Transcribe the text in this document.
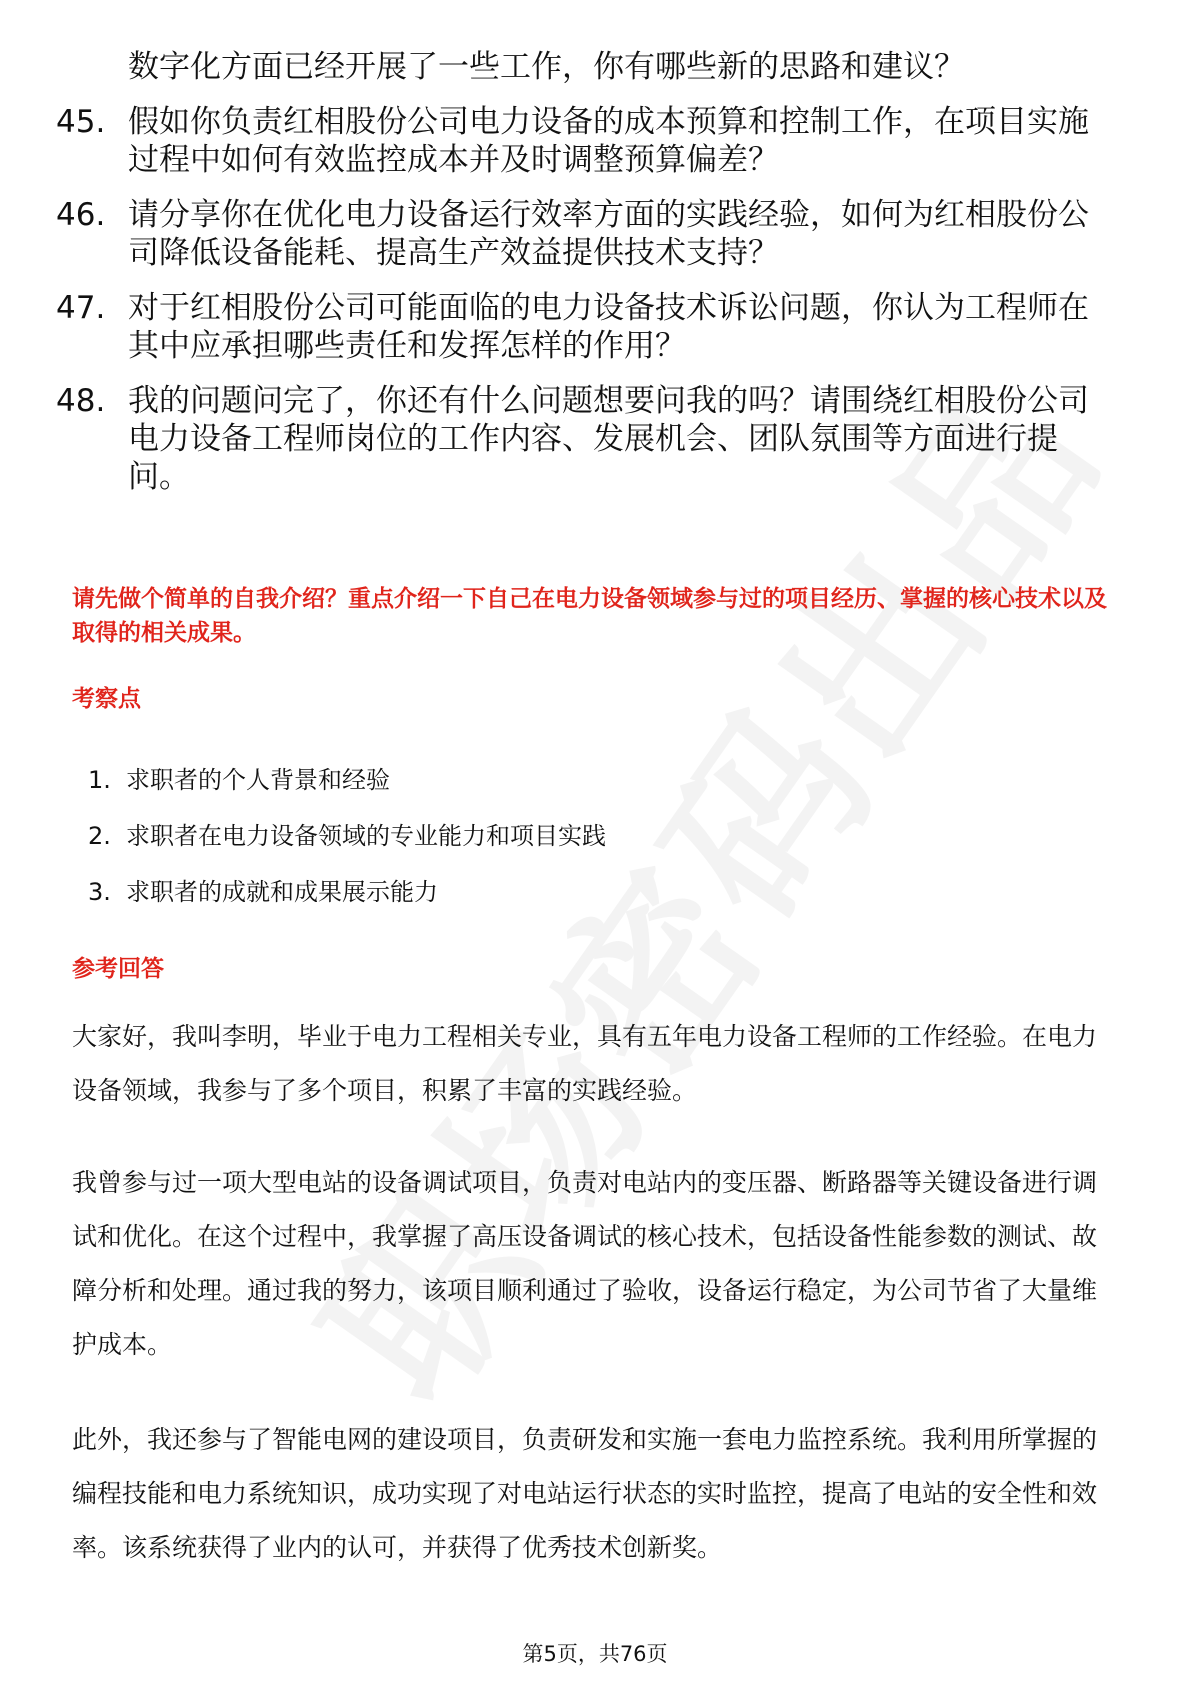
数字化方面已经开展了一些工作，你有哪些新的思路和建议？
45. 假如你负责红相股份公司电力设备的成本预算和控制工作，在项目实施过程中如何有效监控成本并及时调整预算偏差？
46. 请分享你在优化电力设备运行效率方面的实践经验，如何为红相股份公司降低设备能耗、提高生产效益提供技术支持？
47. 对于红相股份公司可能面临的电力设备技术诉讼问题，你认为工程师在其中应承担哪些责任和发挥怎样的作用？
48. 我的问题问完了，你还有什么问题想要问我的吗？请围绕红相股份公司电力设备工程师岗位的工作内容、发展机会、团队氛围等方面进行提问。
请先做个简单的自我介绍？重点介绍一下自己在电力设备领域参与过的项目经历、掌握的核心技术以及取得的相关成果。
考察点
1. 求职者的个人背景和经验
2. 求职者在电力设备领域的专业能力和项目实践
3. 求职者的成就和成果展示能力
参考回答
大家好，我叫李明，毕业于电力工程相关专业，具有五年电力设备工程师的工作经验。在电力设备领域，我参与了多个项目，积累了丰富的实践经验。
我曾参与过一项大型电站的设备调试项目，负责对电站内的变压器、断路器等关键设备进行调试和优化。在这个过程中，我掌握了高压设备调试的核心技术，包括设备性能参数的测试、故障分析和处理。通过我的努力，该项目顺利通过了验收，设备运行稳定，为公司节省了大量维护成本。
此外，我还参与了智能电网的建设项目，负责研发和实施一套电力监控系统。我利用所掌握的编程技能和电力系统知识，成功实现了对电站运行状态的实时监控，提高了电站的安全性和效率。该系统获得了业内的认可，并获得了优秀技术创新奖。
第5页，共76页
